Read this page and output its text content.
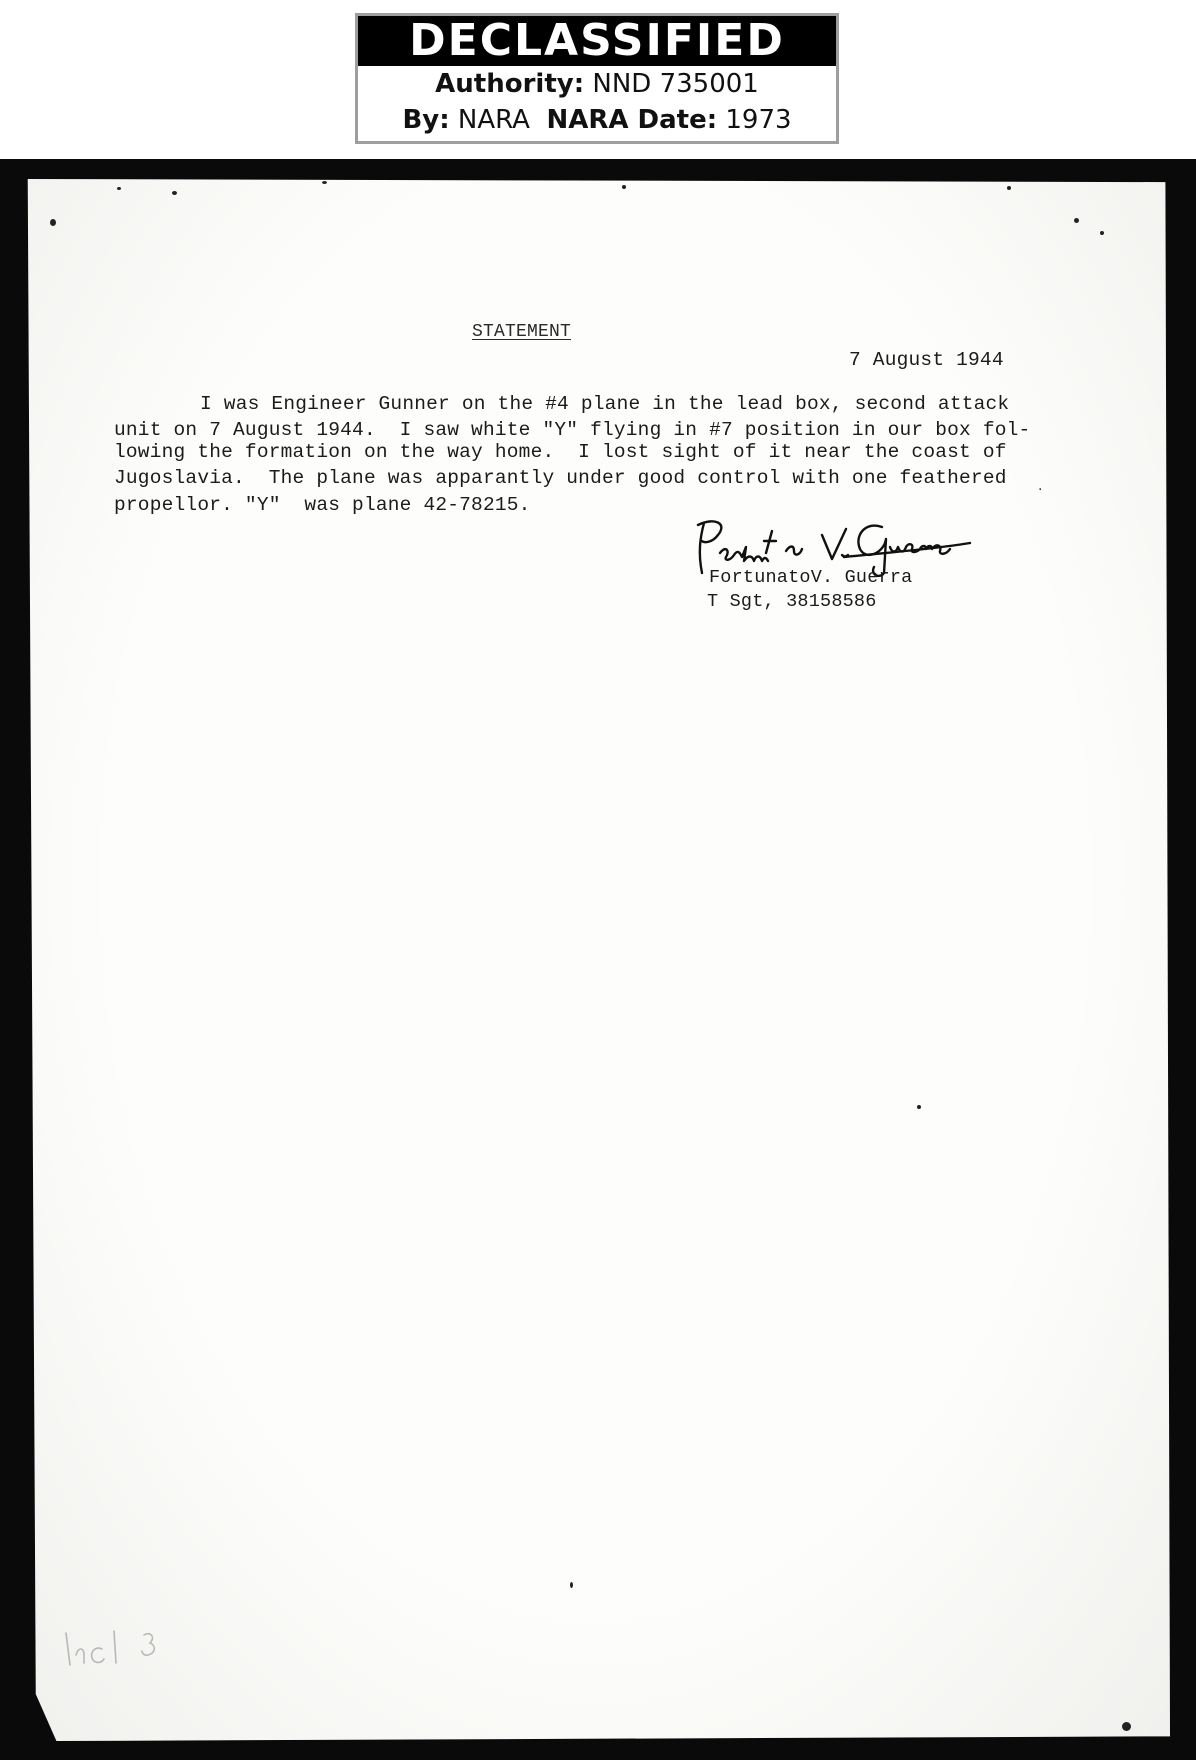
DECLASSIFIED
Authority: NND 735001
By: NARA NARA Date: 1973
STATEMENT
7 August 1944
I was Engineer Gunner on the #4 plane in the lead box, second attack
unit on 7 August 1944.  I saw white "Y" flying in #7 position in our box fol-
lowing the formation on the way home.  I lost sight of it near the coast of
Jugoslavia.  The plane was apparantly under good control with one feathered
propellor. "Y"  was plane 42-78215.
FortunatoV. Guerra
T Sgt, 38158586
.
